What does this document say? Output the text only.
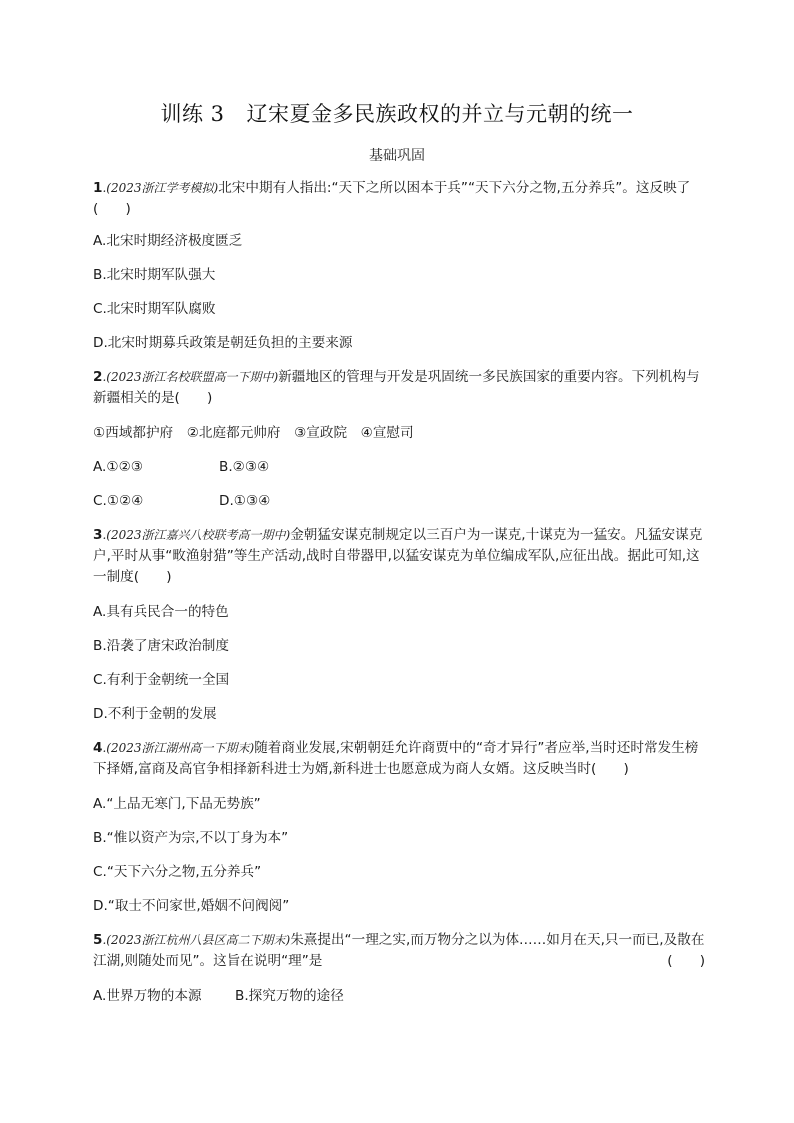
训练 3 辽宋夏金多民族政权的并立与元朝的统一
基础巩固
1.(2023浙江学考模拟)北宋中期有人指出:“天下之所以困本于兵”“天下六分之物,五分养兵”。这反映了(　　)
A.北宋时期经济极度匮乏
B.北宋时期军队强大
C.北宋时期军队腐败
D.北宋时期募兵政策是朝廷负担的主要来源
2.(2023浙江名校联盟高一下期中)新疆地区的管理与开发是巩固统一多民族国家的重要内容。下列机构与新疆相关的是(　　)
①西域都护府　②北庭都元帅府　③宣政院　④宣慰司
A.①②③	B.②③④
C.①②④	D.①③④
3.(2023浙江嘉兴八校联考高一期中)金朝猛安谋克制规定以三百户为一谋克,十谋克为一猛安。凡猛安谋克户,平时从事“畋渔射猎”等生产活动,战时自带器甲,以猛安谋克为单位编成军队,应征出战。据此可知,这一制度(　　)
A.具有兵民合一的特色
B.沿袭了唐宋政治制度
C.有利于金朝统一全国
D.不利于金朝的发展
4.(2023浙江湖州高一下期末)随着商业发展,宋朝朝廷允许商贾中的“奇才异行”者应举,当时还时常发生榜下择婿,富商及高官争相择新科进士为婿,新科进士也愿意成为商人女婿。这反映当时(　　)
A.“上品无寒门,下品无势族”
B.“惟以资产为宗,不以丁身为本”
C.“天下六分之物,五分养兵”
D.“取士不问家世,婚姻不问阀阅”
5.(2023浙江杭州八县区高二下期末)朱熹提出“一理之实,而万物分之以为体……如月在天,只一而已,及散在江湖,则随处而见”。这旨在说明“理”是	(　　)
A.世界万物的本源 B.探究万物的途径
